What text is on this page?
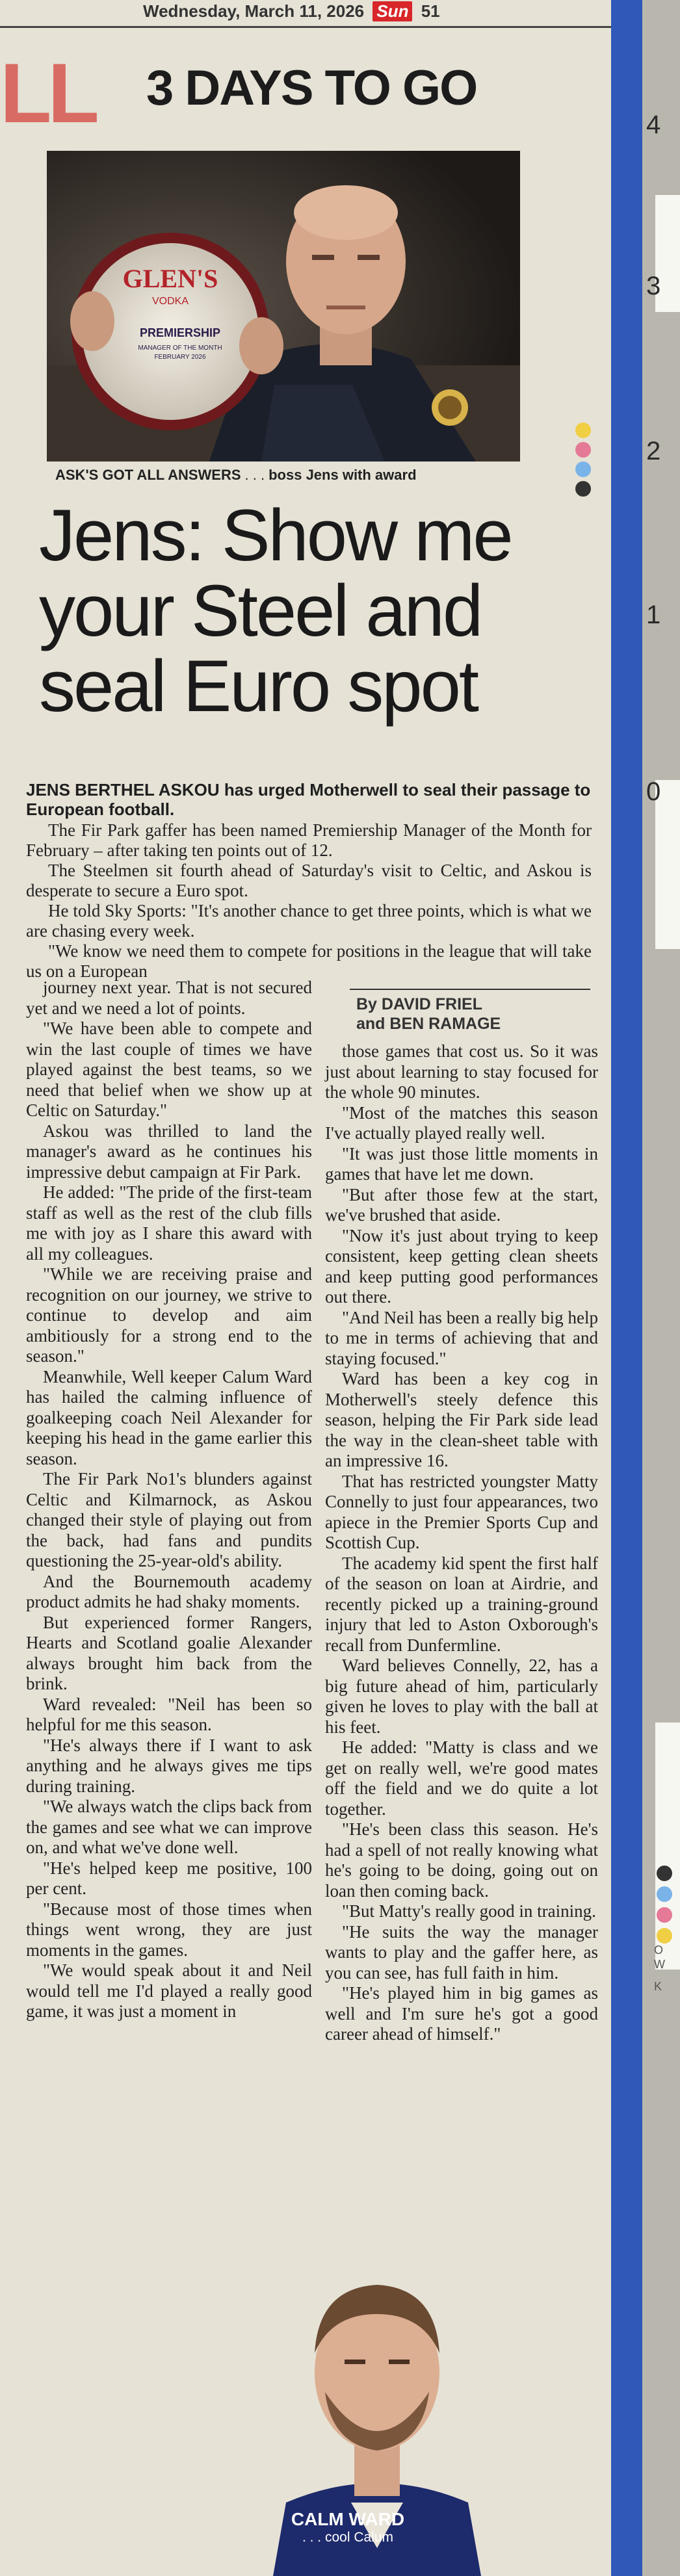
4
3
2
1
0
O
W
K
Wednesday, March 11, 2026 Sun 51
LL 3 DAYS TO GO
GLEN'S
VODKA
PREMIERSHIP
MANAGER OF THE MONTH
FEBRUARY 2026
ASK'S GOT ALL ANSWERS . . . boss Jens with award
Jens: Show me
your Steel and
seal Euro spot
JENS BERTHEL ASKOU has urged Motherwell to seal their passage to European football.

The Fir Park gaffer has been named Premiership Manager of the Month for February – after taking ten points out of 12.

The Steelmen sit fourth ahead of Saturday's visit to Celtic, and Askou is desperate to secure a Euro spot.

He told Sky Sports: "It's another chance to get three points, which is what we are chasing every week.

"We know we need them to compete for positions in the league that will take us on a European

journey next year. That is not secured yet and we need a lot of points.

"We have been able to compete and win the last couple of times we have played against the best teams, so we need that belief when we show up at Celtic on Saturday."

Askou was thrilled to land the manager's award as he continues his impressive debut campaign at Fir Park.

He added: "The pride of the first-team staff as well as the rest of the club fills me with joy as I share this award with all my colleagues.

"While we are receiving praise and recognition on our journey, we strive to continue to develop and aim ambitiously for a strong end to the season."

Meanwhile, Well keeper Calum Ward has hailed the calming influence of goalkeeping coach Neil Alexander for keeping his head in the game earlier this season.

The Fir Park No1's blunders against Celtic and Kilmarnock, as Askou changed their style of playing out from the back, had fans and pundits questioning the 25-year-old's ability.

And the Bournemouth academy product admits he had shaky moments.

But experienced former Rangers, Hearts and Scotland goalie Alexander always brought him back from the brink.

Ward revealed: "Neil has been so helpful for me this season.

"He's always there if I want to ask anything and he always gives me tips during training.

"We always watch the clips back from the games and see what we can improve on, and what we've done well.

"He's helped keep me positive, 100 per cent.

"Because most of those times when things went wrong, they are just moments in the games.

"We would speak about it and Neil would tell me I'd played a really good game, it was just a moment in

By DAVID FRIEL
and BEN RAMAGE

those games that cost us. So it was just about learning to stay focused for the whole 90 minutes.

"Most of the matches this season I've actually played really well.

"It was just those little moments in games that have let me down.

"But after those few at the start, we've brushed that aside.

"Now it's just about trying to keep consistent, keep getting clean sheets and keep putting good performances out there.

"And Neil has been a really big help to me in terms of achieving that and staying focused."

Ward has been a key cog in Motherwell's steely defence this season, helping the Fir Park side lead the way in the clean-sheet table with an impressive 16.

That has restricted youngster Matty Connelly to just four appearances, two apiece in the Premier Sports Cup and Scottish Cup.

The academy kid spent the first half of the season on loan at Airdrie, and recently picked up a training-ground injury that led to Aston Oxborough's recall from Dunfermline.

Ward believes Connelly, 22, has a big future ahead of him, particularly given he loves to play with the ball at his feet.

He added: "Matty is class and we get on really well, we're good mates off the field and we do quite a lot together.

"He's been class this season. He's had a spell of not really knowing what he's going to be doing, going out on loan then coming back.

"But Matty's really good in training.

"He suits the way the manager wants to play and the gaffer here, as you can see, has full faith in him.

"He's played him in big games as well and I'm sure he's got a good career ahead of himself."

CALM WARD
. . . cool Calum
